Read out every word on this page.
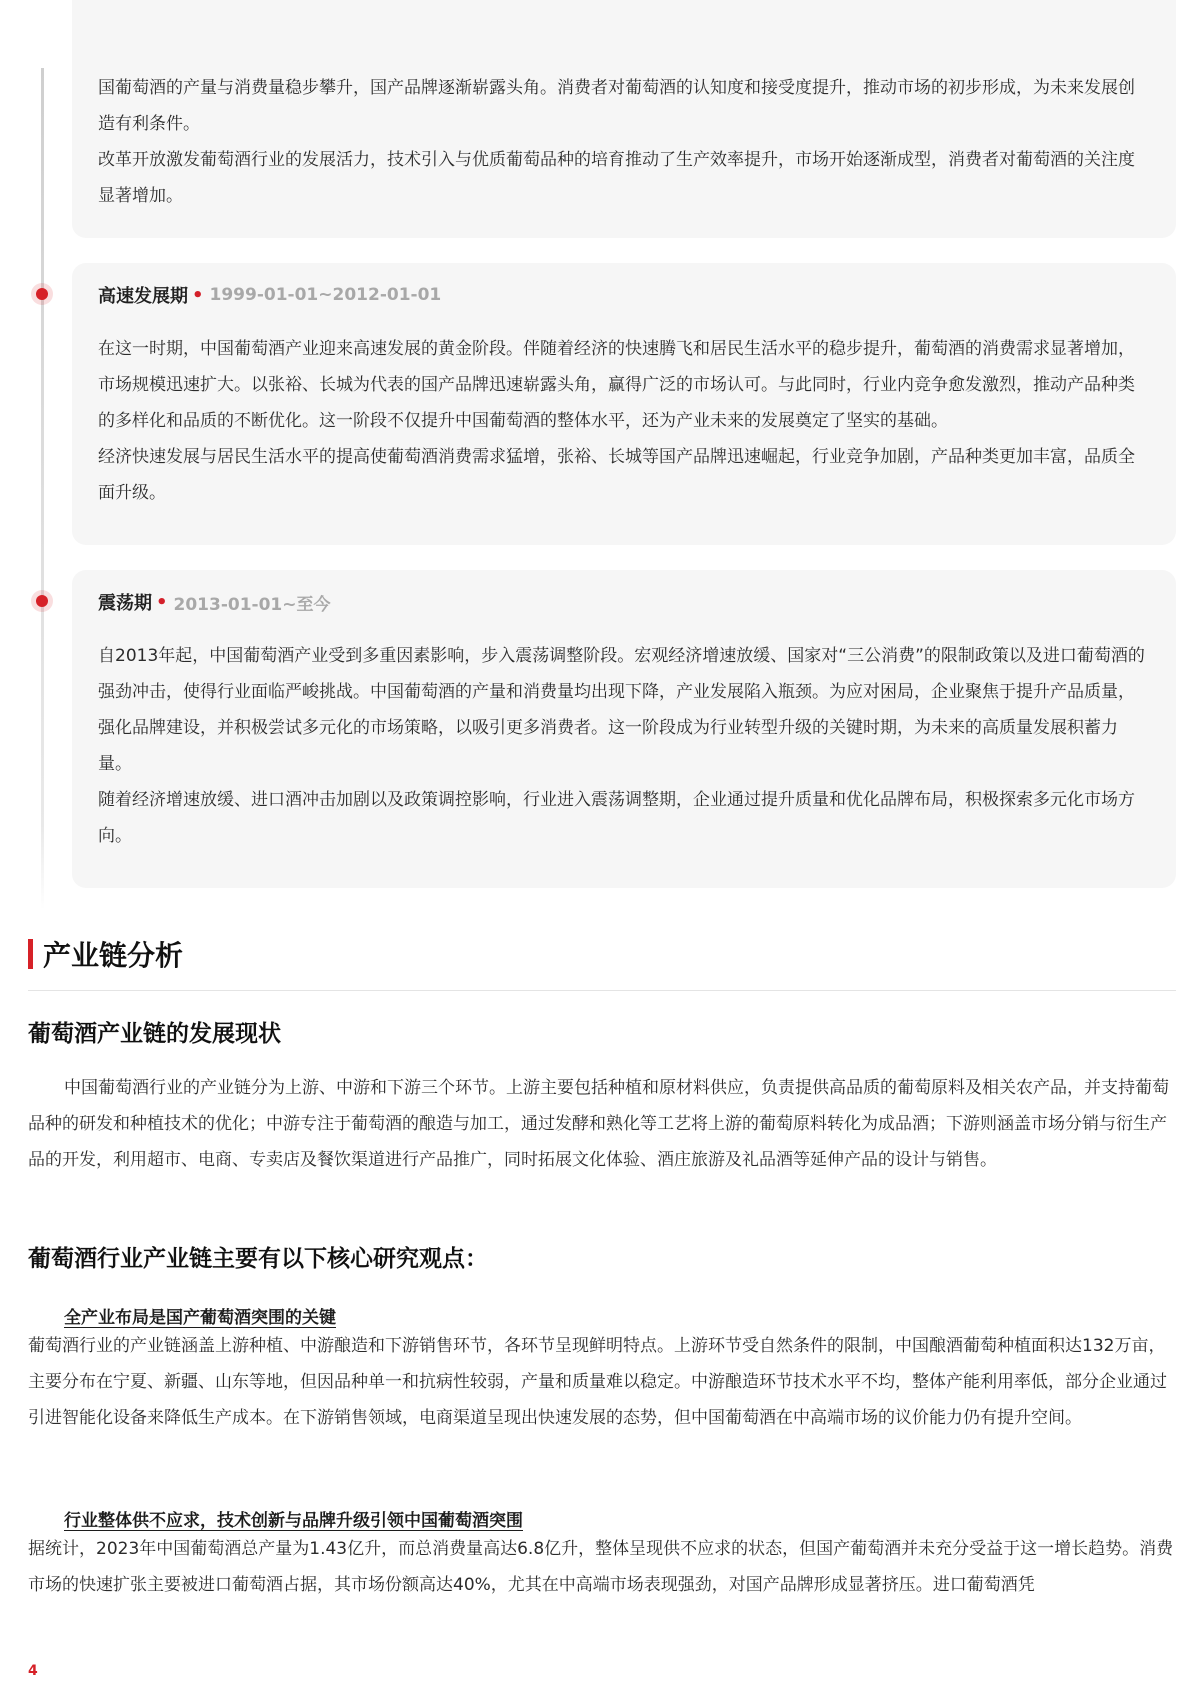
国葡萄酒的产量与消费量稳步攀升，国产品牌逐渐崭露头角。消费者对葡萄酒的认知度和接受度提升，推动市场的初步形成，为未来发展创造有利条件。

改革开放激发葡萄酒行业的发展活力，技术引入与优质葡萄品种的培育推动了生产效率提升，市场开始逐渐成型，消费者对葡萄酒的关注度显著增加。

高速发展期 • 1999-01-01~2012-01-01

在这一时期，中国葡萄酒产业迎来高速发展的黄金阶段。伴随着经济的快速腾飞和居民生活水平的稳步提升，葡萄酒的消费需求显著增加，市场规模迅速扩大。以张裕、长城为代表的国产品牌迅速崭露头角，赢得广泛的市场认可。与此同时，行业内竞争愈发激烈，推动产品种类的多样化和品质的不断优化。这一阶段不仅提升中国葡萄酒的整体水平，还为产业未来的发展奠定了坚实的基础。

经济快速发展与居民生活水平的提高使葡萄酒消费需求猛增，张裕、长城等国产品牌迅速崛起，行业竞争加剧，产品种类更加丰富，品质全面升级。

震荡期 • 2013-01-01~至今

自2013年起，中国葡萄酒产业受到多重因素影响，步入震荡调整阶段。宏观经济增速放缓、国家对“三公消费”的限制政策以及进口葡萄酒的强劲冲击，使得行业面临严峻挑战。中国葡萄酒的产量和消费量均出现下降，产业发展陷入瓶颈。为应对困局，企业聚焦于提升产品质量，强化品牌建设，并积极尝试多元化的市场策略，以吸引更多消费者。这一阶段成为行业转型升级的关键时期，为未来的高质量发展积蓄力量。

随着经济增速放缓、进口酒冲击加剧以及政策调控影响，行业进入震荡调整期，企业通过提升质量和优化品牌布局，积极探索多元化市场方向。

产业链分析
葡萄酒产业链的发展现状

中国葡萄酒行业的产业链分为上游、中游和下游三个环节。上游主要包括种植和原材料供应，负责提供高品质的葡萄原料及相关农产品，并支持葡萄品种的研发和种植技术的优化；中游专注于葡萄酒的酿造与加工，通过发酵和熟化等工艺将上游的葡萄原料转化为成品酒；下游则涵盖市场分销与衍生产品的开发，利用超市、电商、专卖店及餐饮渠道进行产品推广，同时拓展文化体验、酒庄旅游及礼品酒等延伸产品的设计与销售。

葡萄酒行业产业链主要有以下核心研究观点：

全产业布局是国产葡萄酒突围的关键

葡萄酒行业的产业链涵盖上游种植、中游酿造和下游销售环节，各环节呈现鲜明特点。上游环节受自然条件的限制，中国酿酒葡萄种植面积达132万亩，主要分布在宁夏、新疆、山东等地，但因品种单一和抗病性较弱，产量和质量难以稳定。中游酿造环节技术水平不均，整体产能利用率低，部分企业通过引进智能化设备来降低生产成本。在下游销售领域，电商渠道呈现出快速发展的态势，但中国葡萄酒在中高端市场的议价能力仍有提升空间。

行业整体供不应求，技术创新与品牌升级引领中国葡萄酒突围

据统计，2023年中国葡萄酒总产量为1.43亿升，而总消费量高达6.8亿升，整体呈现供不应求的状态，但国产葡萄酒并未充分受益于这一增长趋势。消费市场的快速扩张主要被进口葡萄酒占据，其市场份额高达40%，尤其在中高端市场表现强劲，对国产品牌形成显著挤压。进口葡萄酒凭

4
